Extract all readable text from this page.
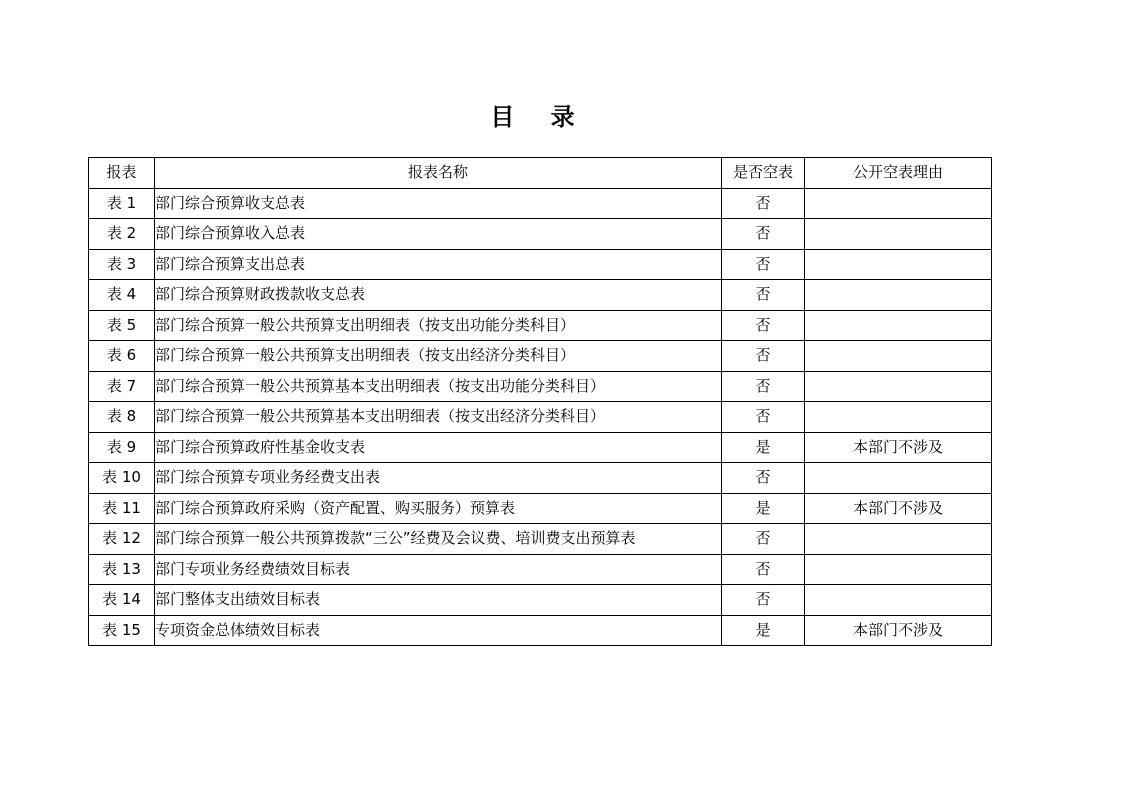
目 录
报表	报表名称	是否空表	公开空表理由
表 1	部门综合预算收支总表	否	
表 2	部门综合预算收入总表	否	
表 3	部门综合预算支出总表	否	
表 4	部门综合预算财政拨款收支总表	否	
表 5	部门综合预算一般公共预算支出明细表（按支出功能分类科目）	否	
表 6	部门综合预算一般公共预算支出明细表（按支出经济分类科目）	否	
表 7	部门综合预算一般公共预算基本支出明细表（按支出功能分类科目）	否	
表 8	部门综合预算一般公共预算基本支出明细表（按支出经济分类科目）	否	
表 9	部门综合预算政府性基金收支表	是	本部门不涉及
表 10	部门综合预算专项业务经费支出表	否	
表 11	部门综合预算政府采购（资产配置、购买服务）预算表	是	本部门不涉及
表 12	部门综合预算一般公共预算拨款“三公”经费及会议费、培训费支出预算表	否	
表 13	部门专项业务经费绩效目标表	否	
表 14	部门整体支出绩效目标表	否	
表 15	专项资金总体绩效目标表	是	本部门不涉及
